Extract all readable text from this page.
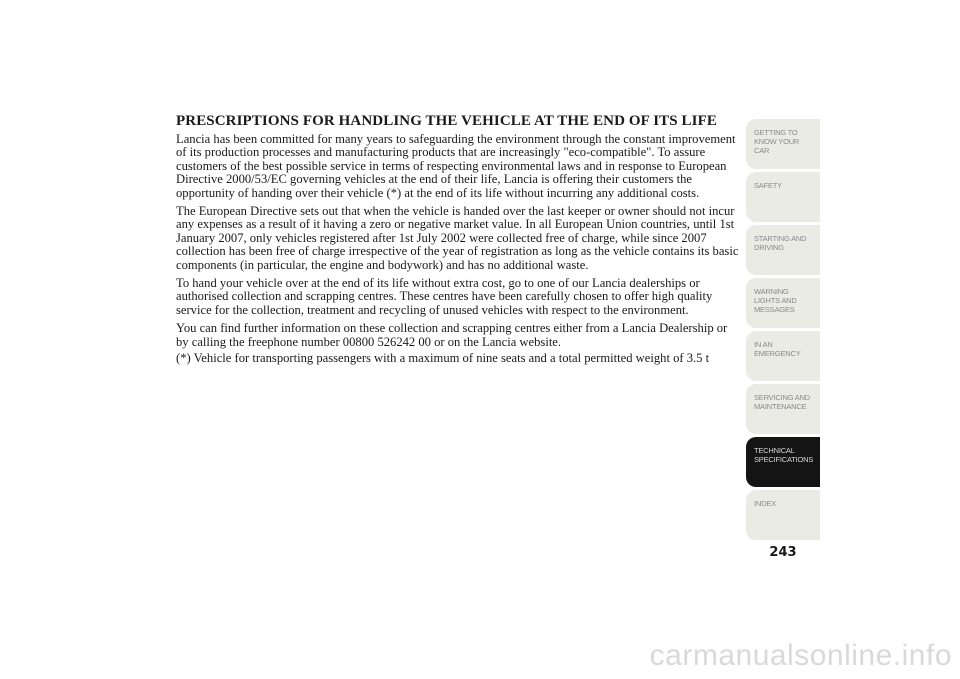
PRESCRIPTIONS FOR HANDLING THE VEHICLE AT THE END OF ITS LIFE

Lancia has been committed for many years to safeguarding the environment through the constant improvement of its production processes and manufacturing products that are increasingly "eco-compatible". To assure customers of the best possible service in terms of respecting environmental laws and in response to European Directive 2000/53/EC governing vehicles at the end of their life, Lancia is offering their customers the opportunity of handing over their vehicle (*) at the end of its life without incurring any additional costs.

The European Directive sets out that when the vehicle is handed over the last keeper or owner should not incur any expenses as a result of it having a zero or negative market value. In all European Union countries, until 1st January 2007, only vehicles registered after 1st July 2002 were collected free of charge, while since 2007 collection has been free of charge irrespective of the year of registration as long as the vehicle contains its basic components (in particular, the engine and bodywork) and has no additional waste.

To hand your vehicle over at the end of its life without extra cost, go to one of our Lancia dealerships or authorised collection and scrapping centres. These centres have been carefully chosen to offer high quality service for the collection, treatment and recycling of unused vehicles with respect to the environment.

You can find further information on these collection and scrapping centres either from a Lancia Dealership or by calling the freephone number 00800 526242 00 or on the Lancia website.

(*) Vehicle for transporting passengers with a maximum of nine seats and a total permitted weight of 3.5 t

GETTING TO KNOW YOUR CAR
SAFETY
STARTING AND DRIVING
WARNING LIGHTS AND MESSAGES
IN AN EMERGENCY
SERVICING AND MAINTENANCE
TECHNICAL SPECIFICATIONS
INDEX
243
carmanualsonline.info
